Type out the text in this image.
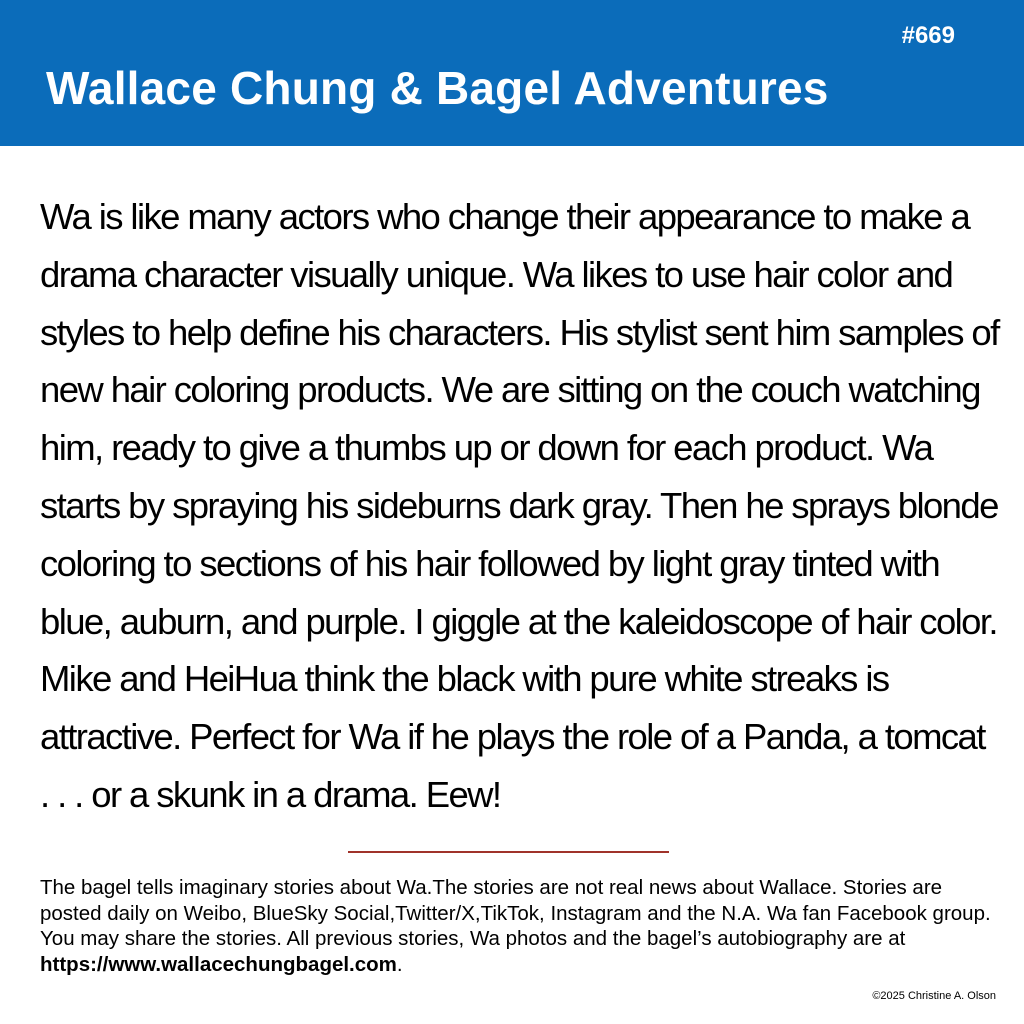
#669
Wallace Chung & Bagel Adventures
Wa is like many actors who change their appearance to make a drama character visually unique. Wa likes to use hair color and styles to help define his characters. His stylist sent him samples of new hair coloring products. We are sitting on the couch watching him, ready to give a thumbs up or down for each product. Wa starts by spraying his sideburns dark gray. Then he sprays blonde coloring to sections of his hair followed by light gray tinted with blue, auburn, and purple. I giggle at the kaleidoscope of hair color. Mike and HeiHua think the black with pure white streaks is attractive. Perfect for Wa if he plays the role of a Panda, a tomcat . . . or a skunk in a drama. Eew!
The bagel tells imaginary stories about Wa.The stories are not real news about Wallace. Stories are posted daily on Weibo, BlueSky Social,Twitter/X,TikTok, Instagram and the N.A. Wa fan Facebook group. You may share the stories. All previous stories, Wa photos and the bagel’s autobiography are at https://www.wallacechungbagel.com.
©2025 Christine A. Olson
